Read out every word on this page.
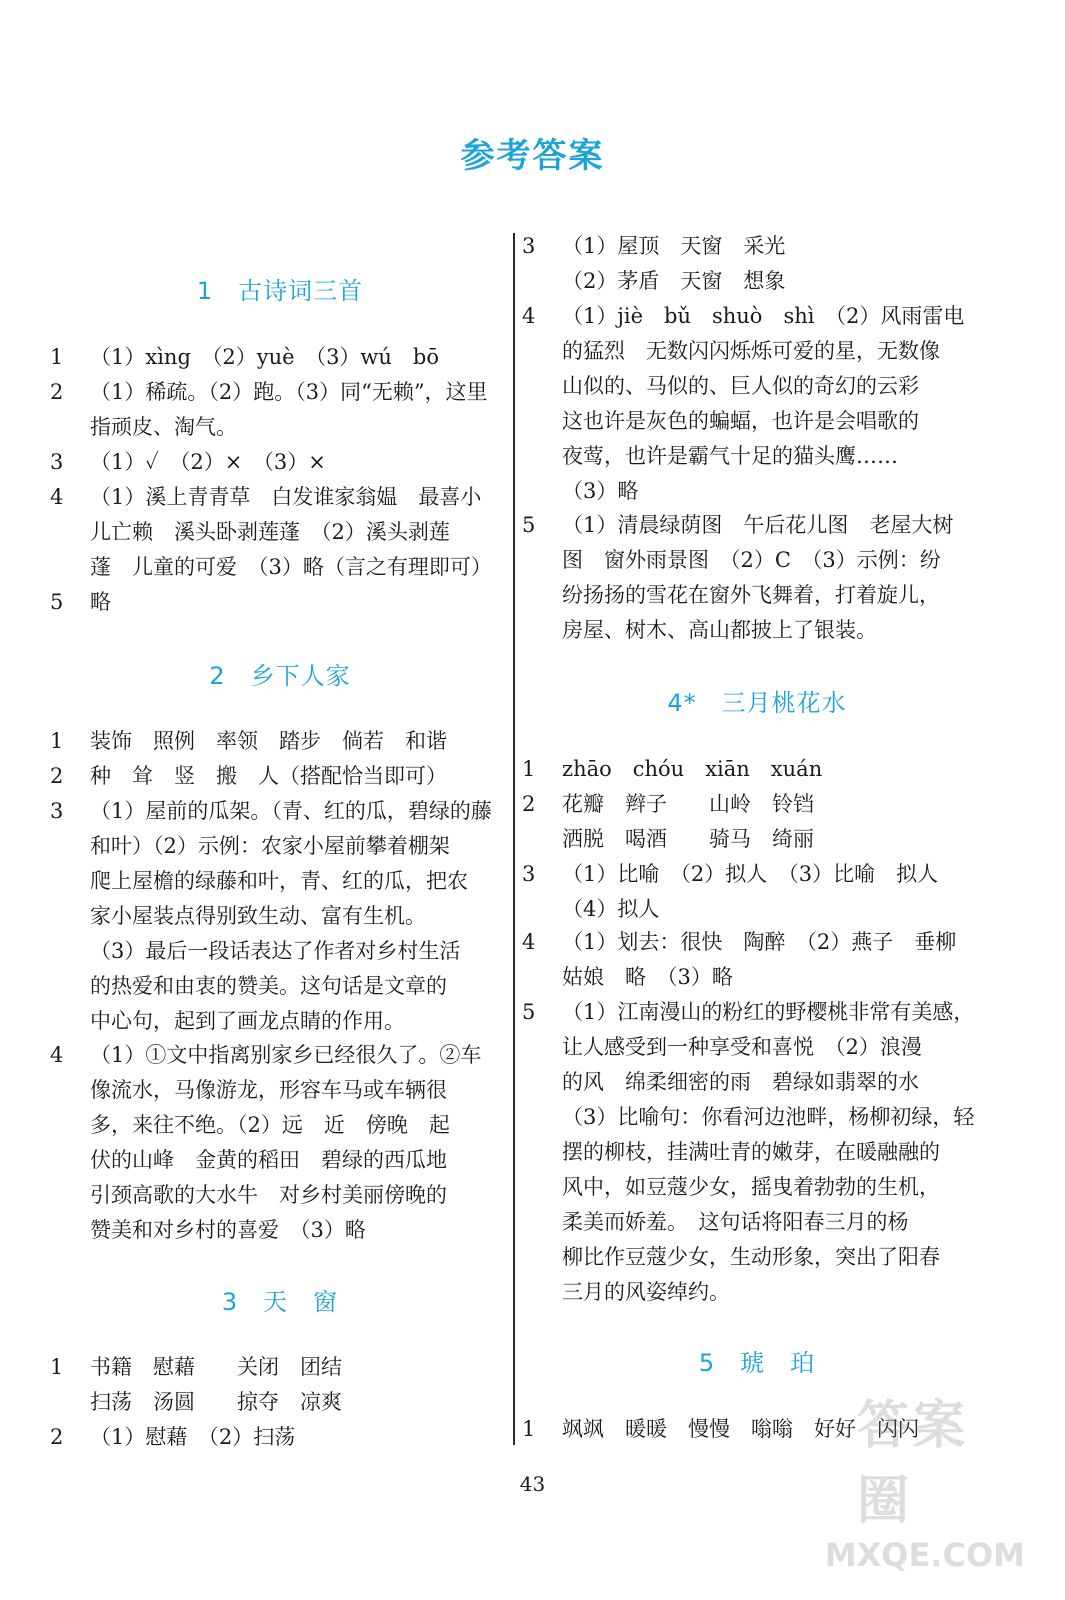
参考答案
1　古诗词三首
1	（1）xìng　（2）yuè　（3）wú　bō
2	（1）稀疏。（2）跑。（3）同“无赖”，这里
指顽皮、淘气。
3	（1）✓　（2）×　（3）×
4	（1）溪上青青草　白发谁家翁媪　最喜小
儿亡赖　溪头卧剥莲蓬　（2）溪头剥莲
蓬　儿童的可爱　（3）略（言之有理即可）
5	略
2　乡下人家
1	装饰　照例　率领　踏步　倘若　和谐
2	种　耸　竖　搬　人（搭配恰当即可）
3	（1）屋前的瓜架。（青、红的瓜，碧绿的藤
和叶）（2）示例：农家小屋前攀着棚架
爬上屋檐的绿藤和叶，青、红的瓜，把农
家小屋装点得别致生动、富有生机。
（3）最后一段话表达了作者对乡村生活
的热爱和由衷的赞美。这句话是文章的
中心句，起到了画龙点睛的作用。
4	（1）①文中指离别家乡已经很久了。②车
像流水，马像游龙，形容车马或车辆很
多，来往不绝。（2）远　近　傍晚　起
伏的山峰　金黄的稻田　碧绿的西瓜地
引颈高歌的大水牛　对乡村美丽傍晚的
赞美和对乡村的喜爱　（3）略
3　天　窗
1	书籍　慰藉　　关闭　团结
扫荡　汤圆　　掠夺　凉爽
2	（1）慰藉　（2）扫荡
3	（1）屋顶　天窗　采光
（2）茅盾　天窗　想象
4	（1）jiè　bǔ　shuò　shì　（2）风雨雷电
的猛烈　无数闪闪烁烁可爱的星，无数像
山似的、马似的、巨人似的奇幻的云彩
这也许是灰色的蝙蝠，也许是会唱歌的
夜莺，也许是霸气十足的猫头鹰……
（3）略
5	（1）清晨绿荫图　午后花儿图　老屋大树
图　窗外雨景图　（2）C　（3）示例：纷
纷扬扬的雪花在窗外飞舞着，打着旋儿，
房屋、树木、高山都披上了银装。
4*　三月桃花水
1	zhāo　chóu　xiān　xuán
2	花瓣　辫子　　山岭　铃铛
洒脱　喝酒　　骑马　绮丽
3	（1）比喻　（2）拟人　（3）比喻　拟人
（4）拟人
4	（1）划去：很快　陶醉　（2）燕子　垂柳
姑娘　略　（3）略
5	（1）江南漫山的粉红的野樱桃非常有美感，
让人感受到一种享受和喜悦　（2）浪漫
的风　绵柔细密的雨　碧绿如翡翠的水
（3）比喻句：你看河边池畔，杨柳初绿，轻
摆的柳枝，挂满吐青的嫩芽，在暖融融的
风中，如豆蔻少女，摇曳着勃勃的生机，
柔美而娇羞。　这句话将阳春三月的杨
柳比作豆蔻少女，生动形象，突出了阳春
三月的风姿绰约。
5　琥　珀
1	飒飒　暖暖　慢慢　嗡嗡　好好　闪闪
43
答案圈
MXQE.COM
